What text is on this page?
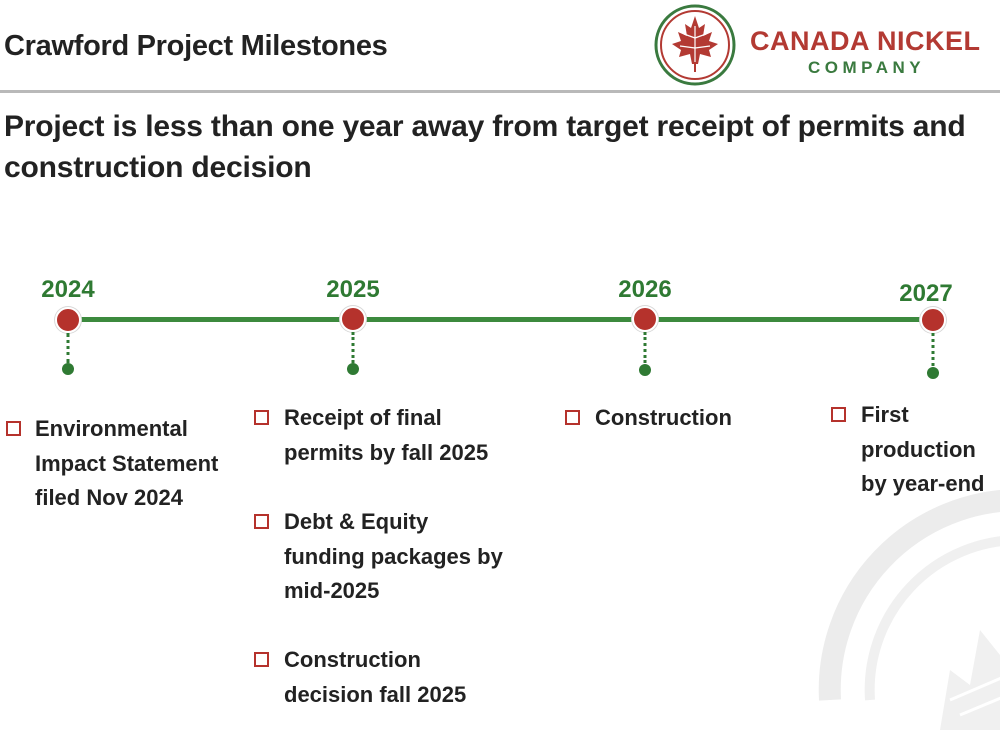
Crawford Project Milestones	CANADA NICKEL
COMPANY
Project is less than one year away from target receipt of permits and construction decision
2024	2025	2026	2027
Environmental Impact Statement filed Nov 2024
Receipt of final permits by fall 2025
Debt & Equity funding packages by mid-2025
Construction decision fall 2025
Construction	First production by year-end
